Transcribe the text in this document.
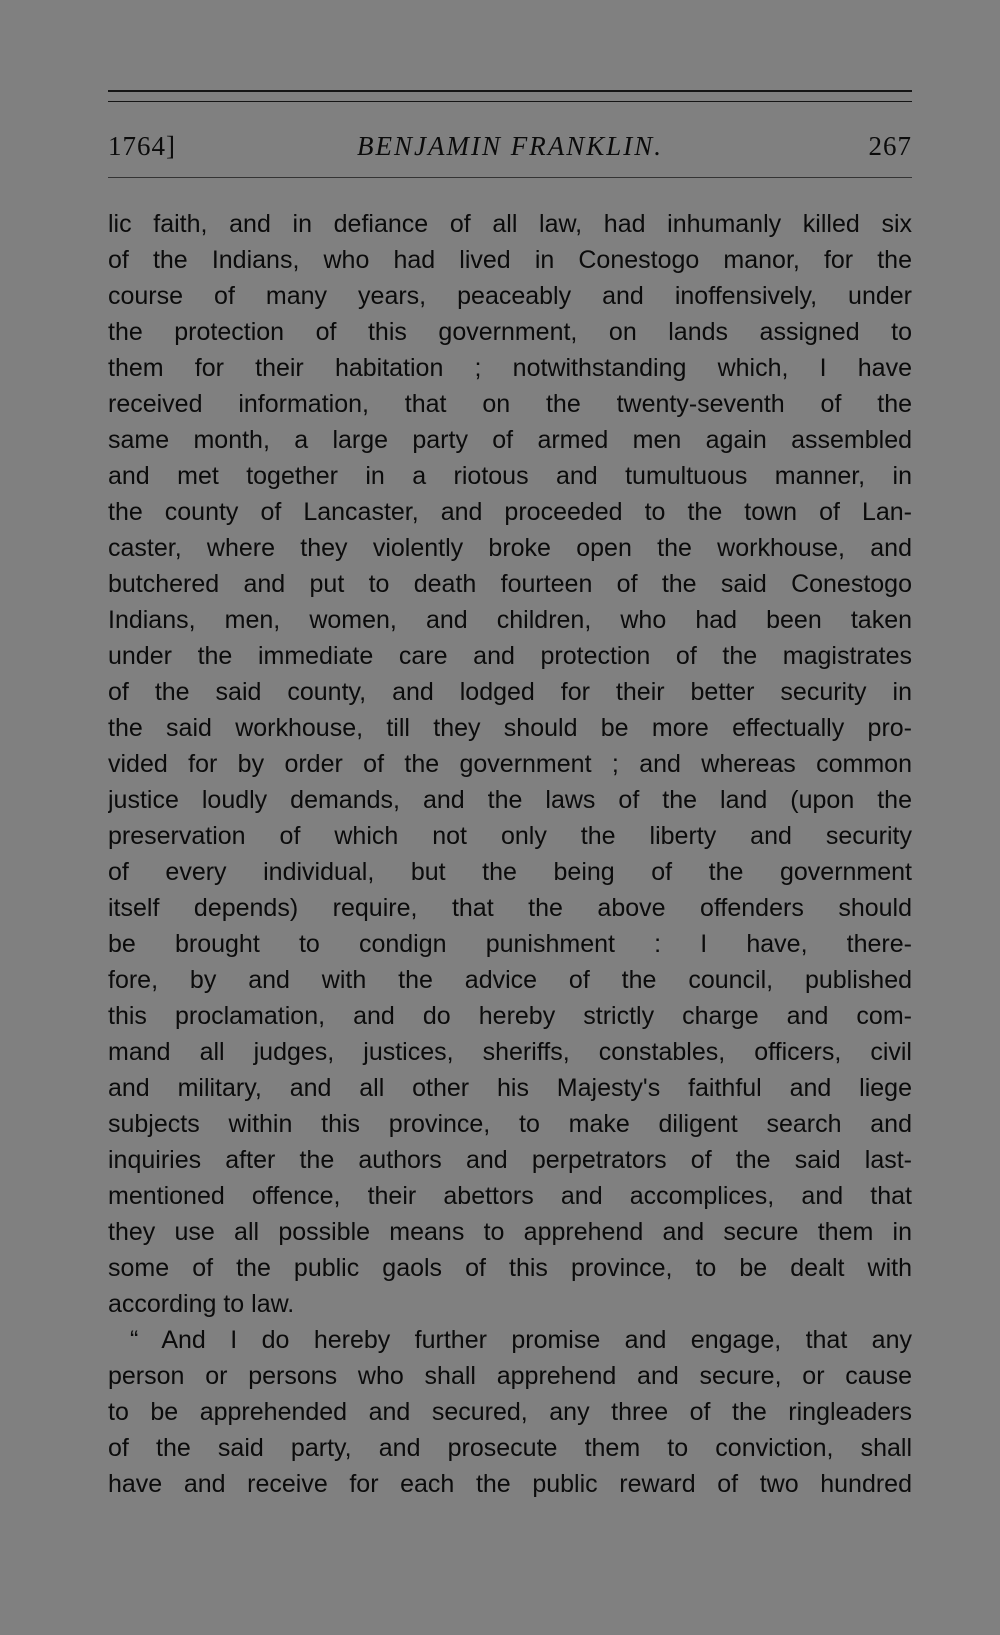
1764]	BENJAMIN FRANKLIN.	267
lic faith, and in defiance of all law, had inhumanly killed six
of the Indians, who had lived in Conestogo manor, for the
course of many years, peaceably and inoffensively, under
the protection of this government, on lands assigned to
them for their habitation ; notwithstanding which, I have
received information, that on the twenty-seventh of the
same month, a large party of armed men again assembled
and met together in a riotous and tumultuous manner, in
the county of Lancaster, and proceeded to the town of Lan-
caster, where they violently broke open the workhouse, and
butchered and put to death fourteen of the said Conestogo
Indians, men, women, and children, who had been taken
under the immediate care and protection of the magistrates
of the said county, and lodged for their better security in
the said workhouse, till they should be more effectually pro-
vided for by order of the government ; and whereas common
justice loudly demands, and the laws of the land (upon the
preservation of which not only the liberty and security
of every individual, but the being of the government
itself depends) require, that the above offenders should
be brought to condign punishment : I have, there-
fore, by and with the advice of the council, published
this proclamation, and do hereby strictly charge and com-
mand all judges, justices, sheriffs, constables, officers, civil
and military, and all other his Majesty's faithful and liege
subjects within this province, to make diligent search and
inquiries after the authors and perpetrators of the said last-
mentioned offence, their abettors and accomplices, and that
they use all possible means to apprehend and secure them in
some of the public gaols of this province, to be dealt with
according to law.
“ And I do hereby further promise and engage, that any
person or persons who shall apprehend and secure, or cause
to be apprehended and secured, any three of the ringleaders
of the said party, and prosecute them to conviction, shall
have and receive for each the public reward of two hundred
